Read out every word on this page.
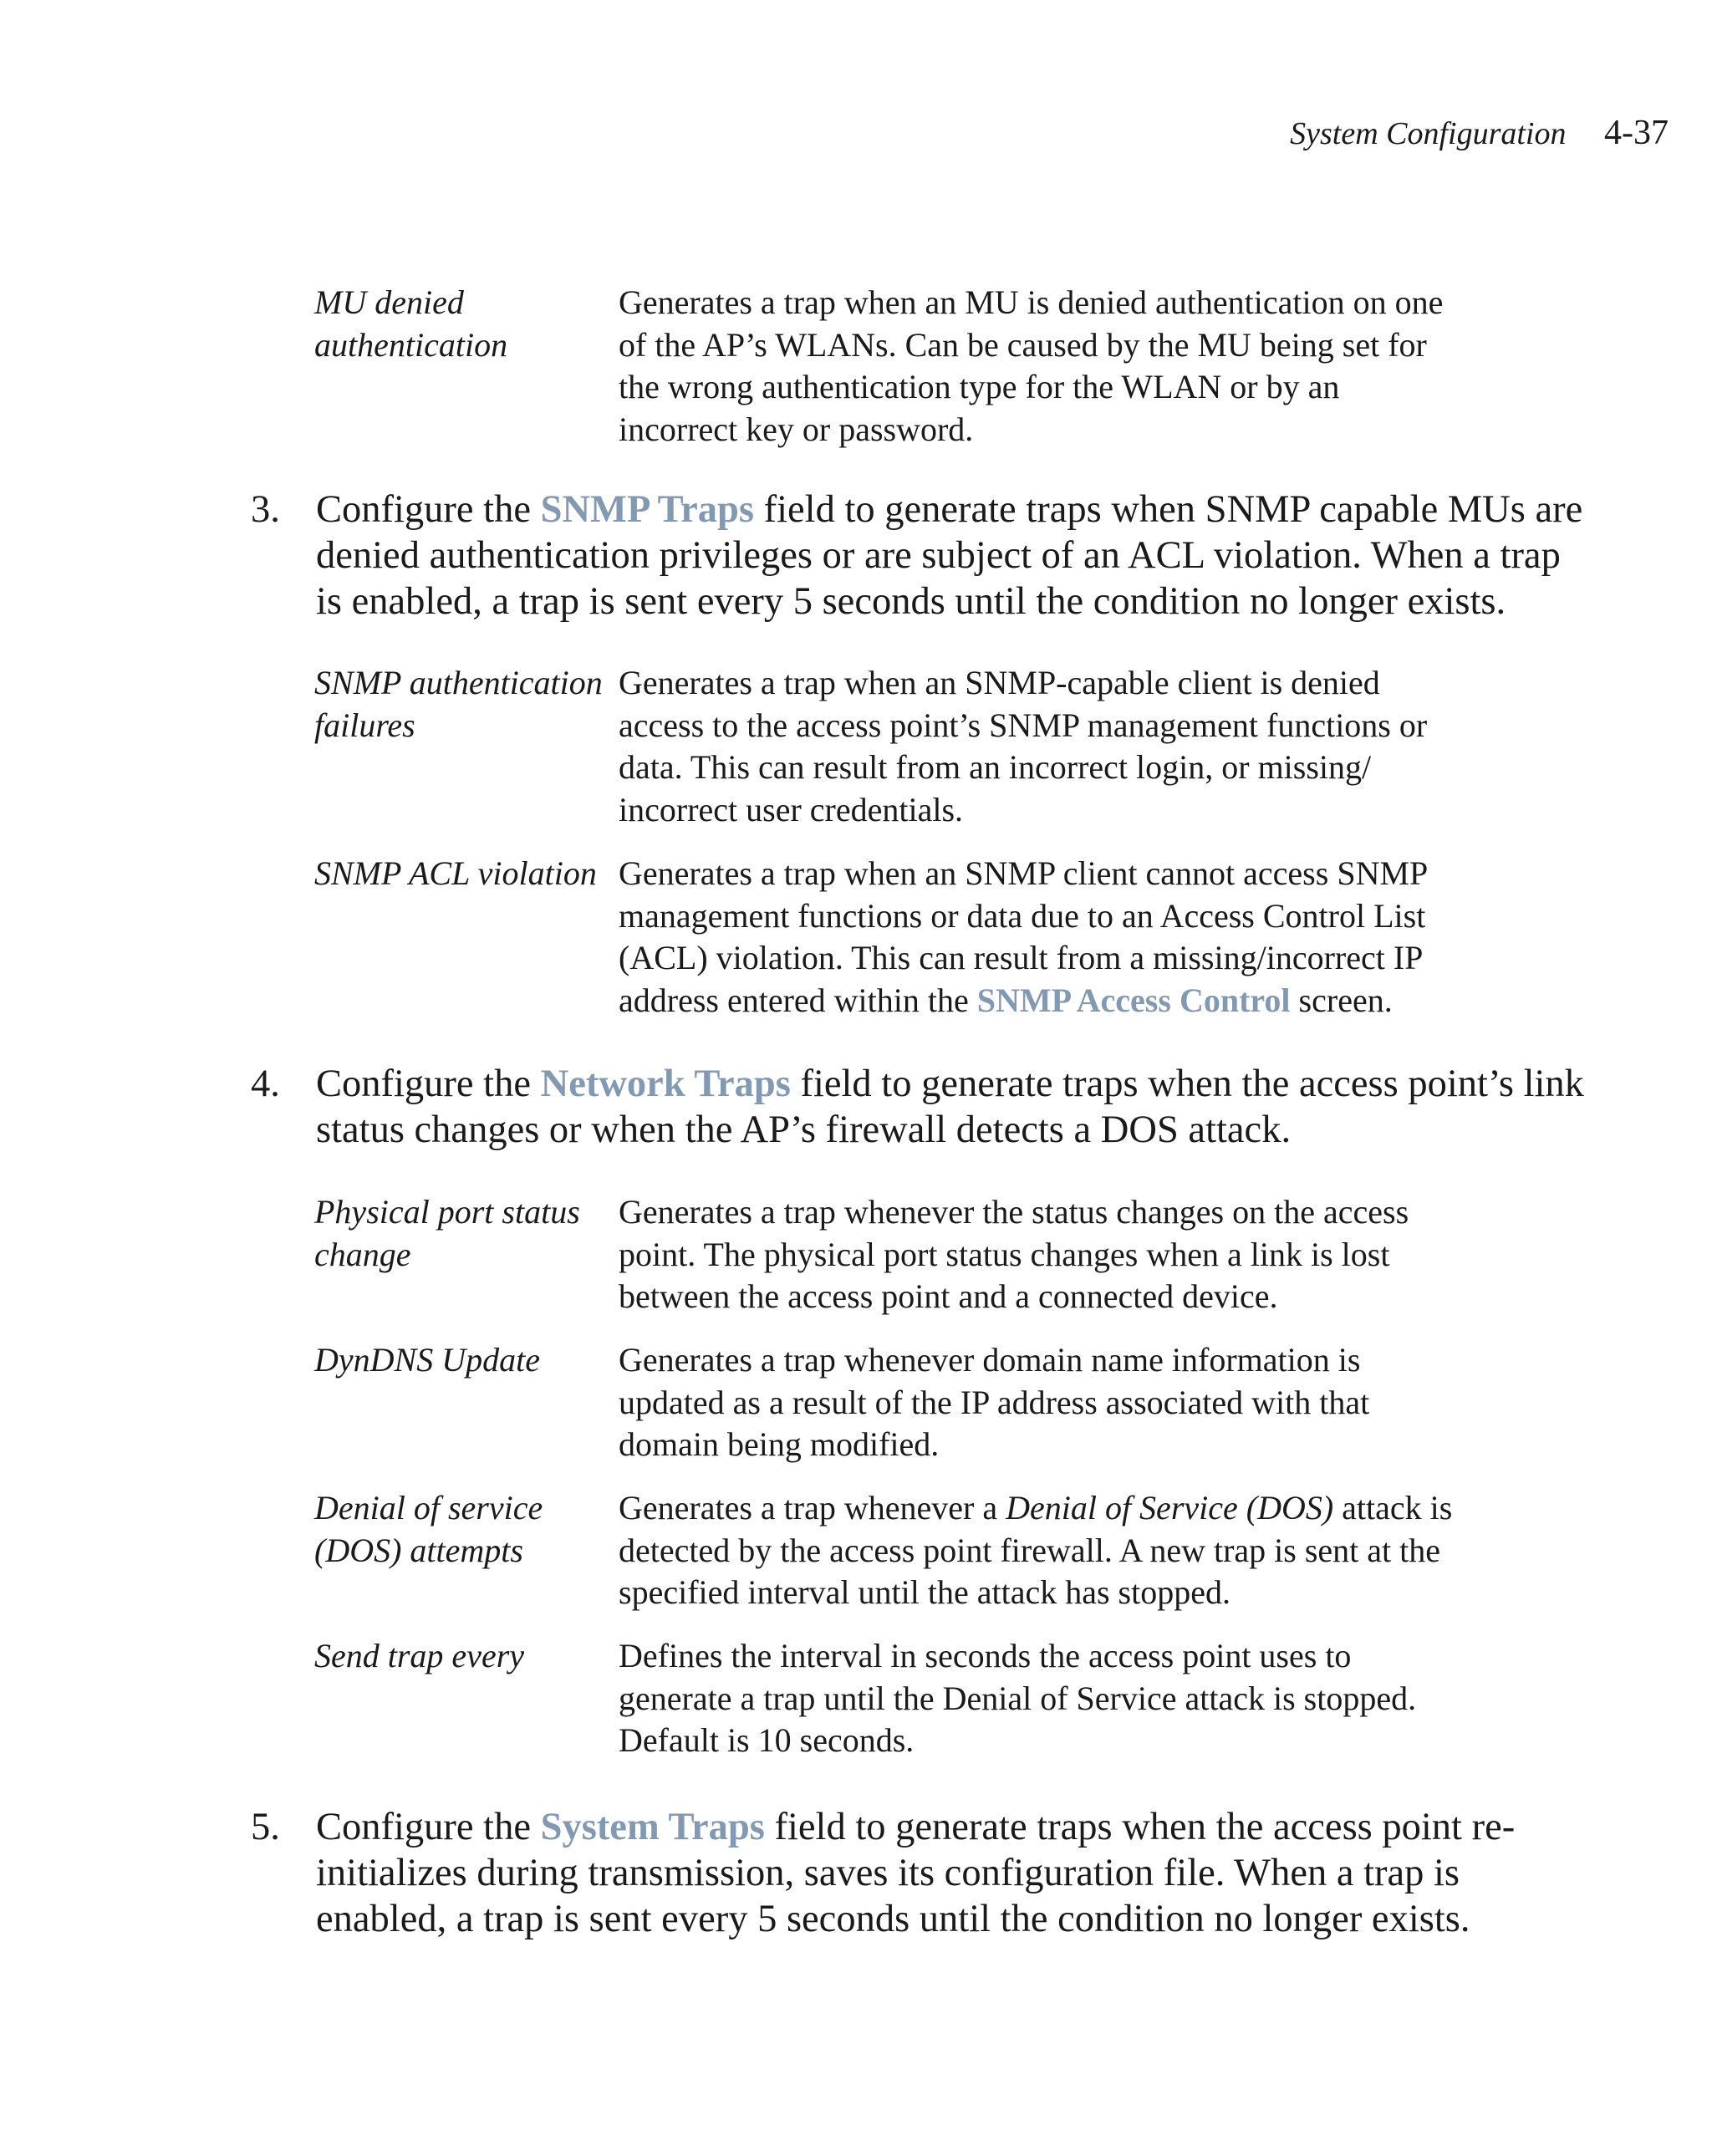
System Configuration 4-37
MU denied authentication
Generates a trap when an MU is denied authentication on one of the AP’s WLANs. Can be caused by the MU being set for the wrong authentication type for the WLAN or by an incorrect key or password.
3. Configure the SNMP Traps field to generate traps when SNMP capable MUs are denied authentication privileges or are subject of an ACL violation. When a trap is enabled, a trap is sent every 5 seconds until the condition no longer exists.
SNMP authentication failures
Generates a trap when an SNMP-capable client is denied access to the access point’s SNMP management functions or data. This can result from an incorrect login, or missing/ incorrect user credentials.
SNMP ACL violation Generates a trap when an SNMP client cannot access SNMP management functions or data due to an Access Control List (ACL) violation. This can result from a missing/incorrect IP address entered within the SNMP Access Control screen.
4. Configure the Network Traps field to generate traps when the access point’s link status changes or when the AP’s firewall detects a DOS attack.
Physical port status change
Generates a trap whenever the status changes on the access point. The physical port status changes when a link is lost between the access point and a connected device.
DynDNS Update	Generates a trap whenever domain name information is updated as a result of the IP address associated with that domain being modified.
Denial of service (DOS) attempts
Generates a trap whenever a Denial of Service (DOS) attack is detected by the access point firewall. A new trap is sent at the specified interval until the attack has stopped.
Send trap every	Defines the interval in seconds the access point uses to generate a trap until the Denial of Service attack is stopped. Default is 10 seconds.
5. Configure the System Traps field to generate traps when the access point re-initializes during transmission, saves its configuration file. When a trap is enabled, a trap is sent every 5 seconds until the condition no longer exists.
